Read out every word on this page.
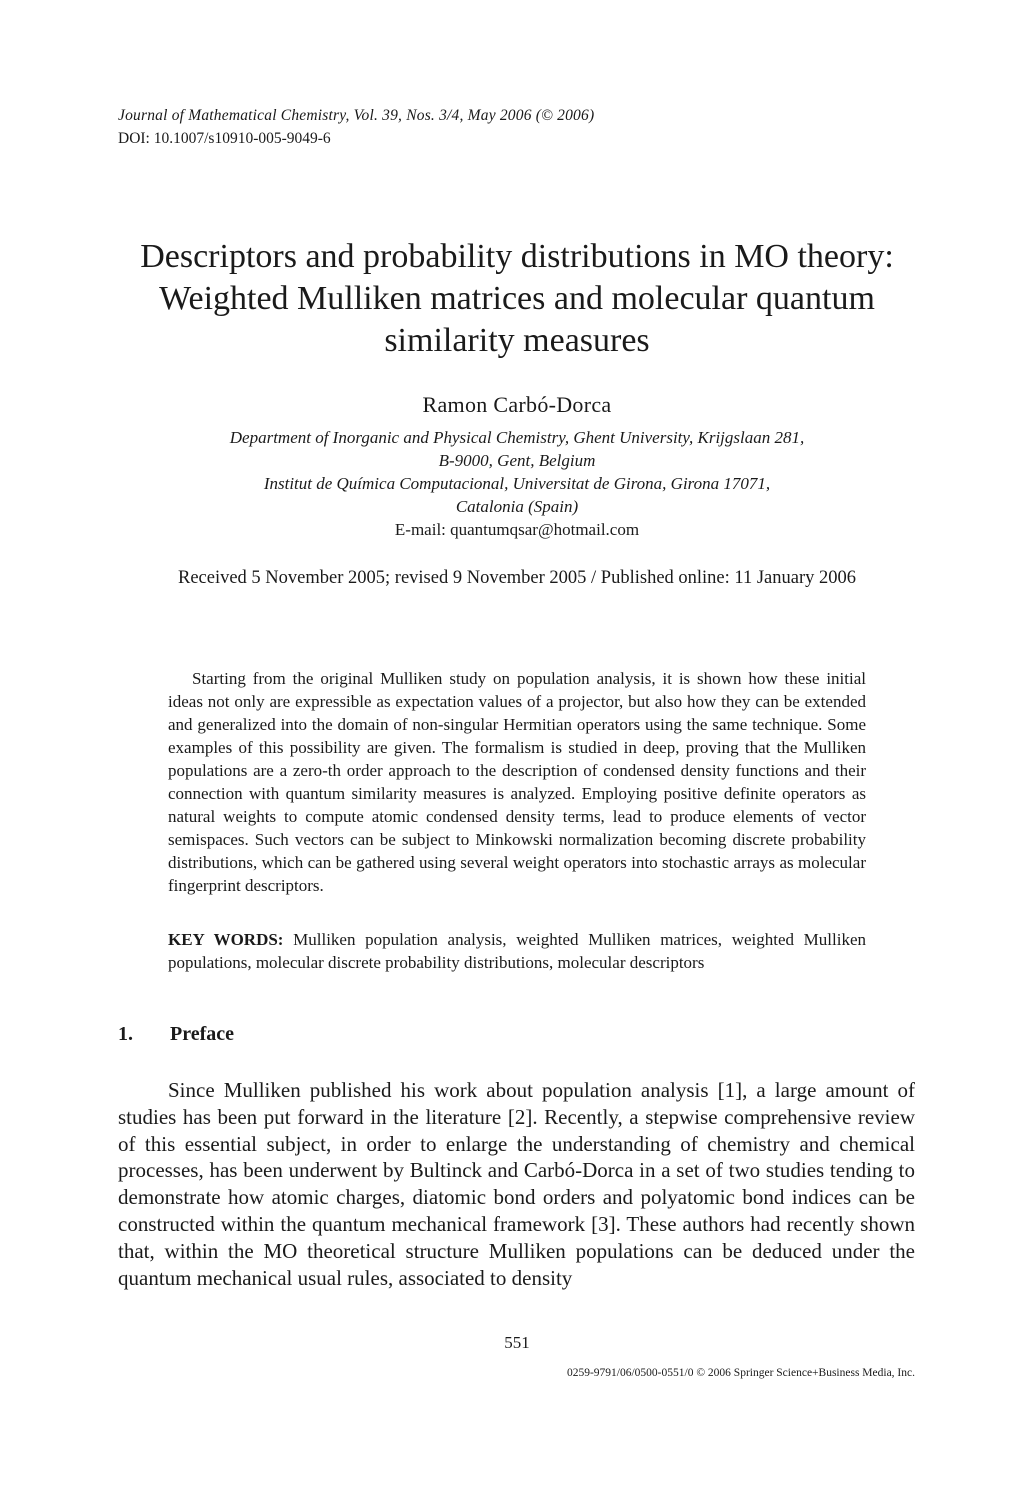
Journal of Mathematical Chemistry, Vol. 39, Nos. 3/4, May 2006 (© 2006)
DOI: 10.1007/s10910-005-9049-6
Descriptors and probability distributions in MO theory:
Weighted Mulliken matrices and molecular quantum
similarity measures
Ramon Carbó-Dorca
Department of Inorganic and Physical Chemistry, Ghent University, Krijgslaan 281,
B-9000, Gent, Belgium
Institut de Química Computacional, Universitat de Girona, Girona 17071,
Catalonia (Spain)
E-mail: quantumqsar@hotmail.com
Received 5 November 2005; revised 9 November 2005 / Published online: 11 January 2006

Starting from the original Mulliken study on population analysis, it is shown how these initial ideas not only are expressible as expectation values of a projector, but also how they can be extended and generalized into the domain of non-singular Hermitian operators using the same technique. Some examples of this possibility are given. The formalism is studied in deep, proving that the Mulliken populations are a zero-th order approach to the description of condensed density functions and their connection with quantum similarity measures is analyzed. Employing positive definite operators as natural weights to compute atomic condensed density terms, lead to produce elements of vector semispaces. Such vectors can be subject to Minkowski normalization becoming discrete probability distributions, which can be gathered using several weight operators into stochastic arrays as molecular fingerprint descriptors.

KEY WORDS: Mulliken population analysis, weighted Mulliken matrices, weighted Mulliken populations, molecular discrete probability distributions, molecular descriptors

1. Preface

Since Mulliken published his work about population analysis [1], a large amount of studies has been put forward in the literature [2]. Recently, a stepwise comprehensive review of this essential subject, in order to enlarge the understanding of chemistry and chemical processes, has been underwent by Bultinck and Carbó-Dorca in a set of two studies tending to demonstrate how atomic charges, diatomic bond orders and polyatomic bond indices can be constructed within the quantum mechanical framework [3]. These authors had recently shown that, within the MO theoretical structure Mulliken populations can be deduced under the quantum mechanical usual rules, associated to density

551
0259-9791/06/0500-0551/0 © 2006 Springer Science+Business Media, Inc.
